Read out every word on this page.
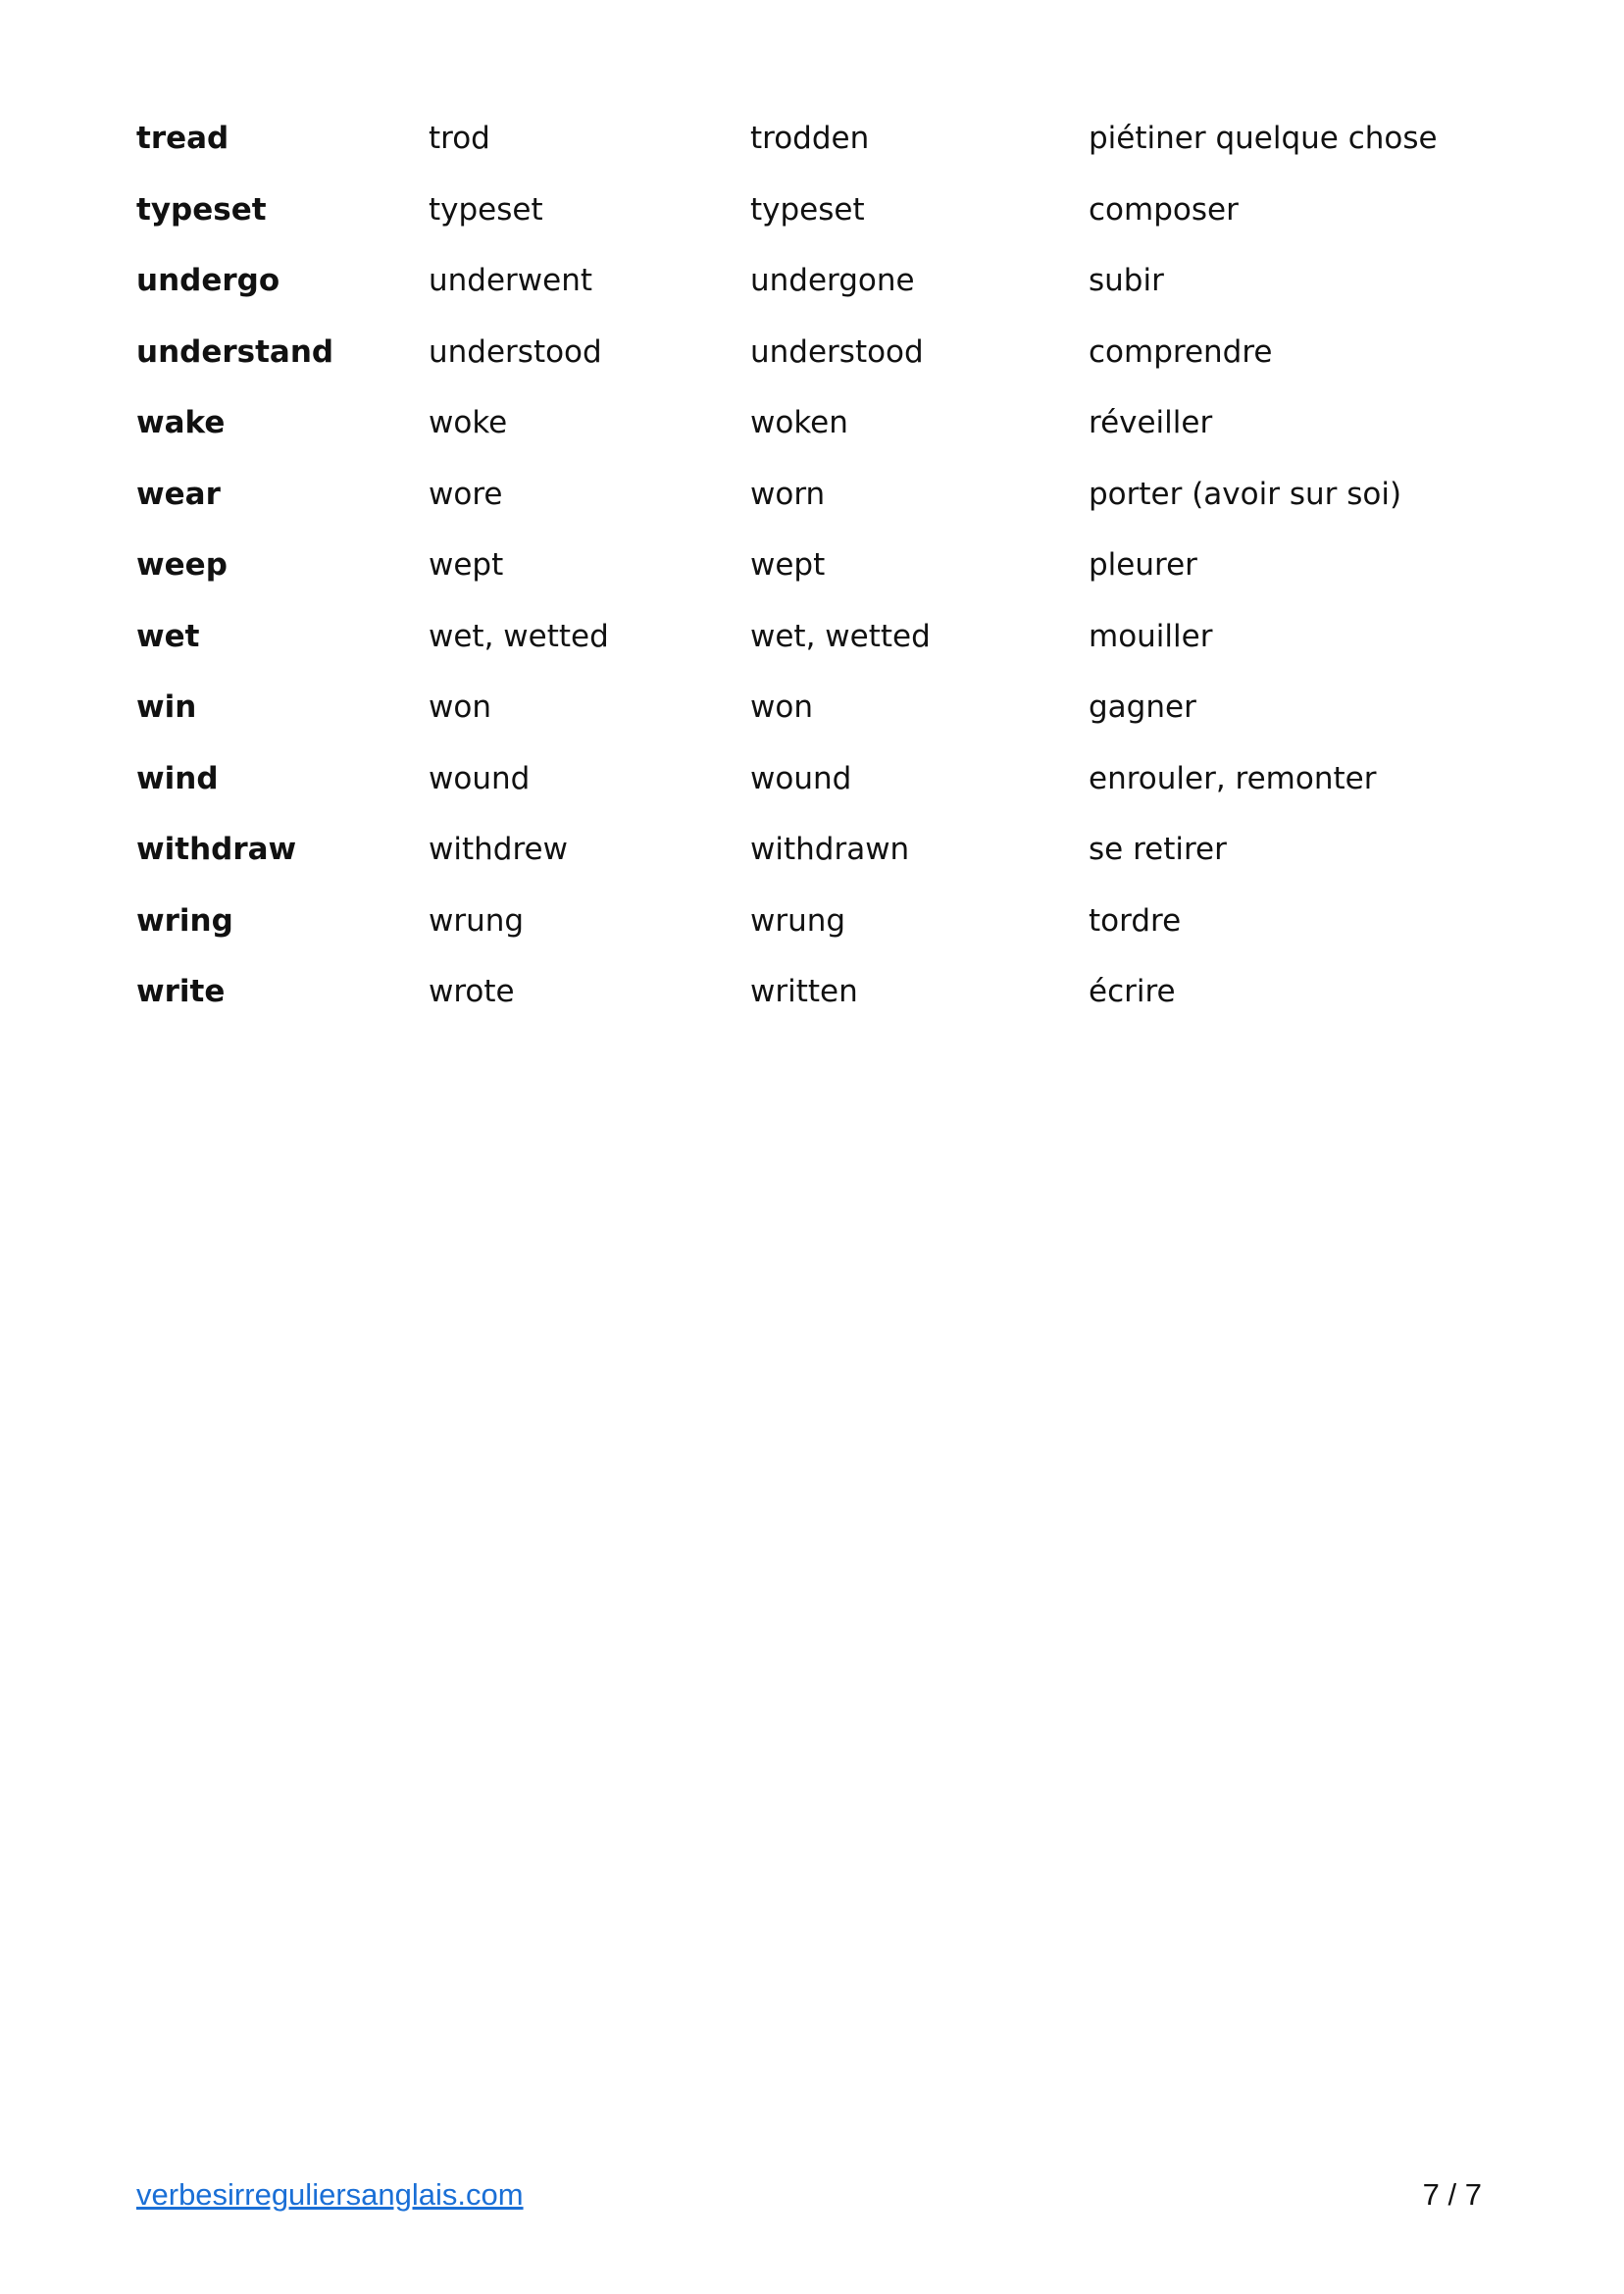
tread	trod	trodden	piétiner quelque chose
typeset	typeset	typeset	composer
undergo	underwent	undergone	subir
understand	understood	understood	comprendre
wake	woke	woken	réveiller
wear	wore	worn	porter (avoir sur soi)
weep	wept	wept	pleurer
wet	wet, wetted	wet, wetted	mouiller
win	won	won	gagner
wind	wound	wound	enrouler, remonter
withdraw	withdrew	withdrawn	se retirer
wring	wrung	wrung	tordre
write	wrote	written	écrire
verbesirreguliersanglais.com	7 / 7
